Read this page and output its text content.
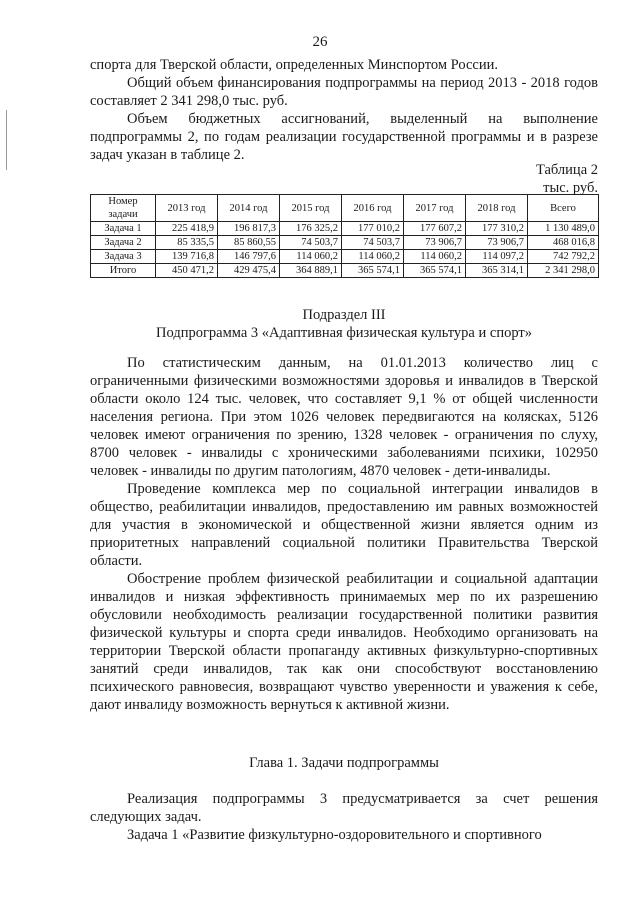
26

спорта для Тверской области, определенных Минспортом России.

Общий объем финансирования подпрограммы на период 2013 - 2018 годов составляет 2 341 298,0 тыс. руб.

Объем бюджетных ассигнований, выделенный на выполнение подпрограммы 2, по годам реализации государственной программы и в разрезе задач указан в таблице 2.

Таблица 2

тыс. руб.

Номер задачи	2013 год	2014 год	2015 год	2016 год	2017 год	2018 год	Всего
Задача 1	225 418,9	196 817,3	176 325,2	177 010,2	177 607,2	177 310,2	1 130 489,0
Задача 2	85 335,5	85 860,55	74 503,7	74 503,7	73 906,7	73 906,7	468 016,8
Задача 3	139 716,8	146 797,6	114 060,2	114 060,2	114 060,2	114 097,2	742 792,2
Итого	450 471,2	429 475,4	364 889,1	365 574,1	365 574,1	365 314,1	2 341 298,0

Подраздел III

Подпрограмма 3 «Адаптивная физическая культура и спорт»

По статистическим данным, на 01.01.2013 количество лиц с ограниченными физическими возможностями здоровья и инвалидов в Тверской области около 124 тыс. человек, что составляет 9,1 % от общей численности населения региона. При этом 1026 человек передвигаются на колясках, 5126 человек имеют ограничения по зрению, 1328 человек - ограничения по слуху, 8700 человек - инвалиды с хроническими заболеваниями психики, 102950 человек - инвалиды по другим патологиям, 4870 человек - дети-инвалиды.

Проведение комплекса мер по социальной интеграции инвалидов в общество, реабилитации инвалидов, предоставлению им равных возможностей для участия в экономической и общественной жизни является одним из приоритетных направлений социальной политики Правительства Тверской области.

Обострение проблем физической реабилитации и социальной адаптации инвалидов и низкая эффективность принимаемых мер по их разрешению обусловили необходимость реализации государственной политики развития физической культуры и спорта среди инвалидов. Необходимо организовать на территории Тверской области пропаганду активных физкультурно-спортивных занятий среди инвалидов, так как они способствуют восстановлению психического равновесия, возвращают чувство уверенности и уважения к себе, дают инвалиду возможность вернуться к активной жизни.

Глава 1. Задачи подпрограммы

Реализация подпрограммы 3 предусматривается за счет решения следующих задач.

Задача 1 «Развитие физкультурно-оздоровительного и спортивного
